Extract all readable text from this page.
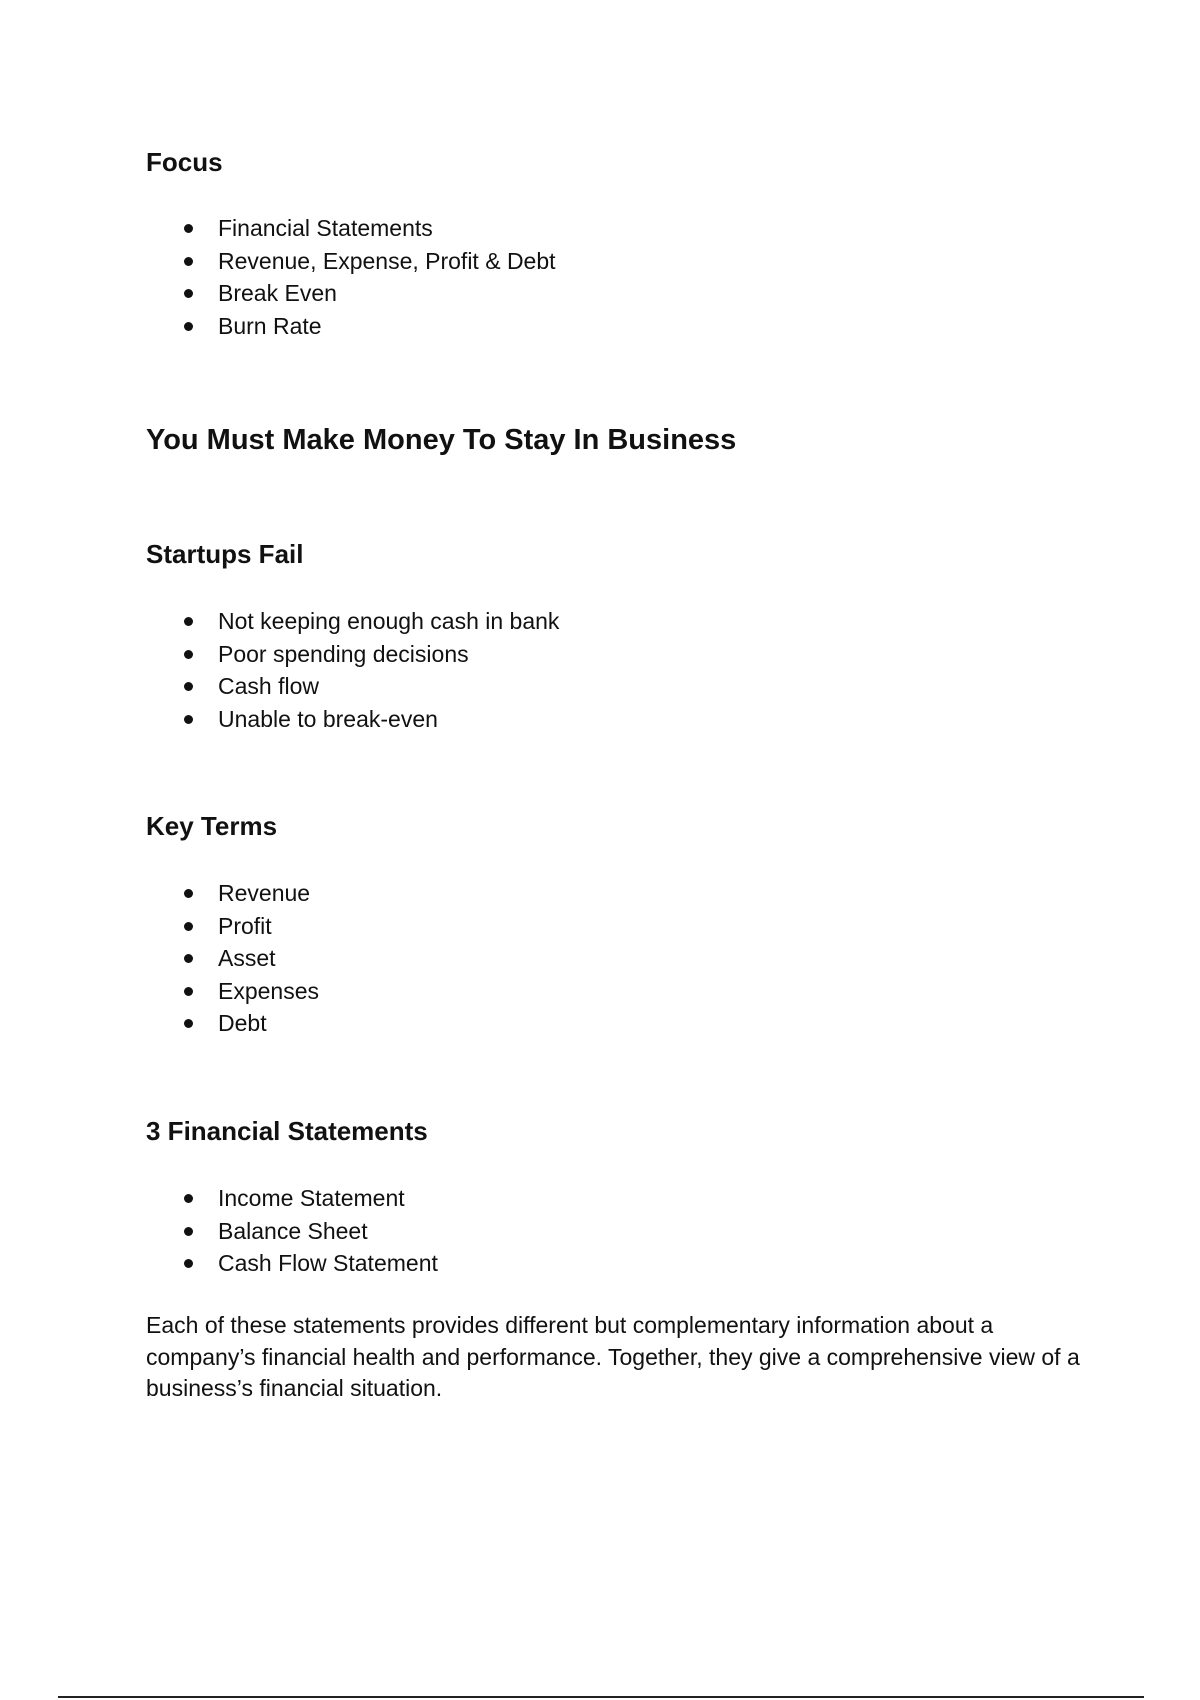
Focus
Financial Statements
Revenue, Expense, Profit & Debt
Break Even
Burn Rate
You Must Make Money To Stay In Business
Startups Fail
Not keeping enough cash in bank
Poor spending decisions
Cash flow
Unable to break-even
Key Terms
Revenue
Profit
Asset
Expenses
Debt
3 Financial Statements
Income Statement
Balance Sheet
Cash Flow Statement

Each of these statements provides different but complementary information about a company’s financial health and performance. Together, they give a comprehensive view of a business’s financial situation.
